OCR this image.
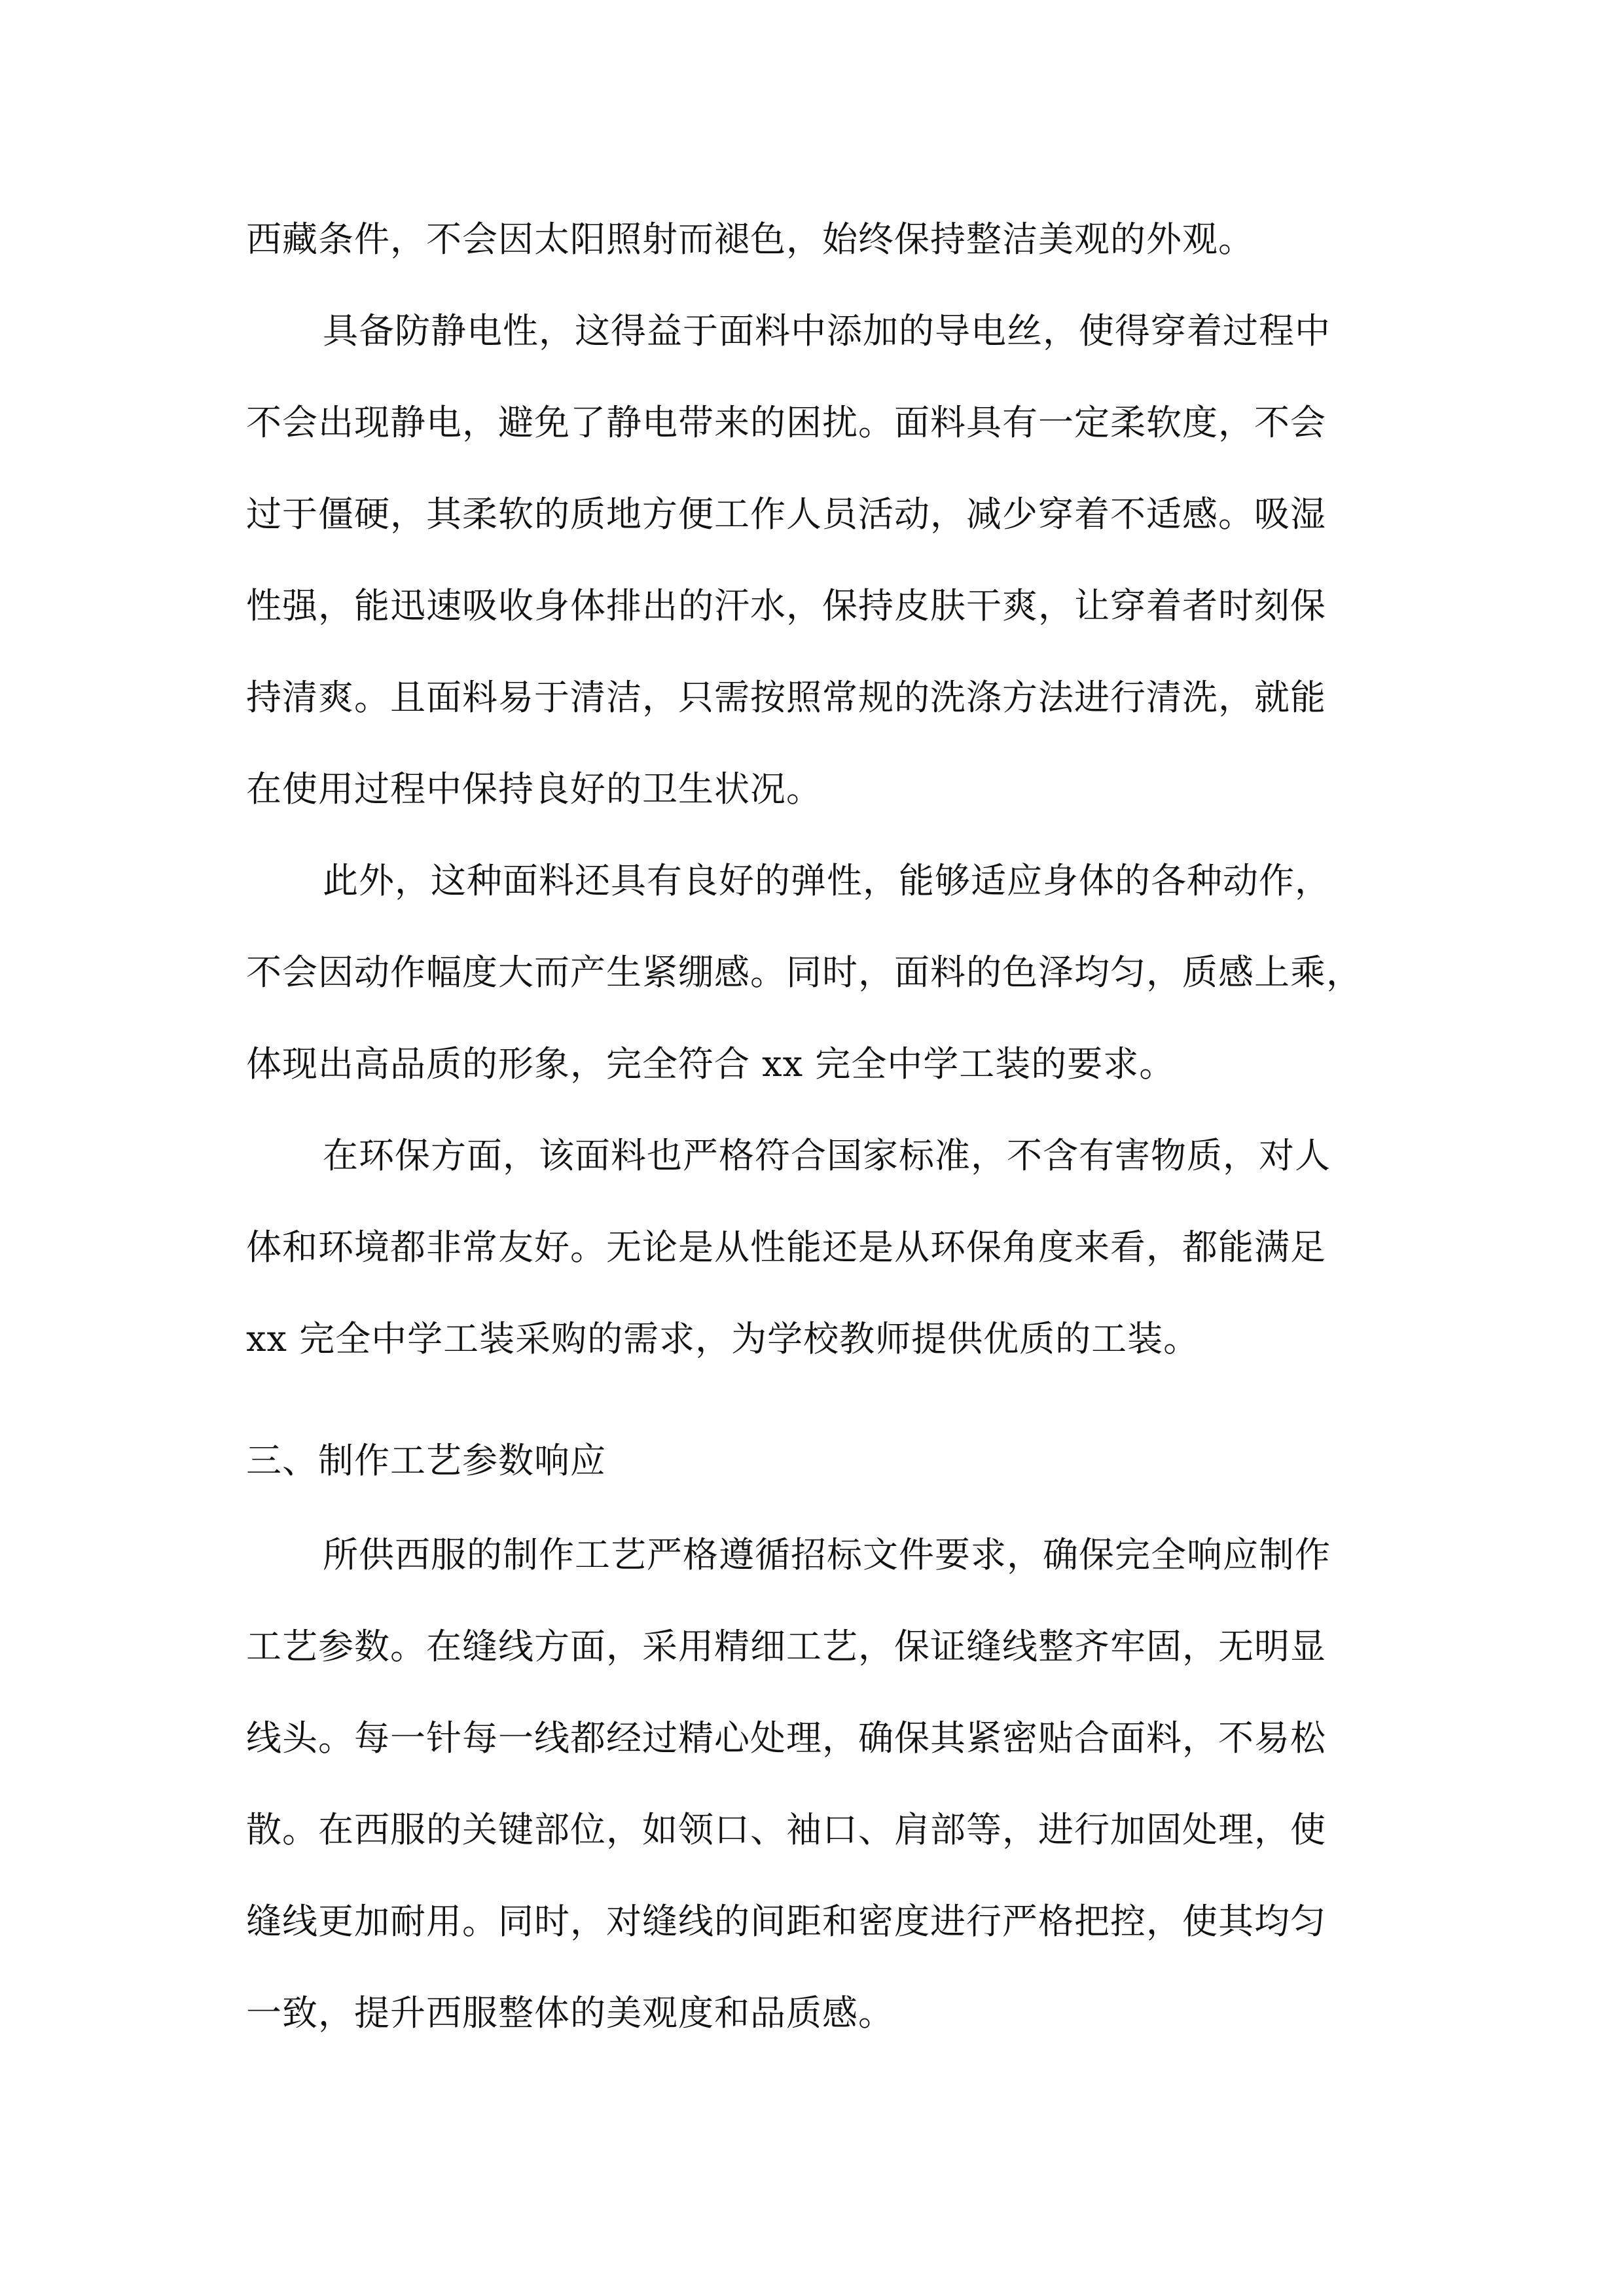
西藏条件，不会因太阳照射而褪色，始终保持整洁美观的外观。

具备防静电性，这得益于面料中添加的导电丝，使得穿着过程中

不会出现静电，避免了静电带来的困扰。面料具有一定柔软度，不会

过于僵硬，其柔软的质地方便工作人员活动，减少穿着不适感。吸湿

性强，能迅速吸收身体排出的汗水，保持皮肤干爽，让穿着者时刻保

持清爽。且面料易于清洁，只需按照常规的洗涤方法进行清洗，就能

在使用过程中保持良好的卫生状况。

此外，这种面料还具有良好的弹性，能够适应身体的各种动作，

不会因动作幅度大而产生紧绷感。同时，面料的色泽均匀，质感上乘，

体现出高品质的形象，完全符合 xx 完全中学工装的要求。

在环保方面，该面料也严格符合国家标准，不含有害物质，对人

体和环境都非常友好。无论是从性能还是从环保角度来看，都能满足

xx 完全中学工装采购的需求，为学校教师提供优质的工装。

三、制作工艺参数响应

所供西服的制作工艺严格遵循招标文件要求，确保完全响应制作

工艺参数。在缝线方面，采用精细工艺，保证缝线整齐牢固，无明显

线头。每一针每一线都经过精心处理，确保其紧密贴合面料，不易松

散。在西服的关键部位，如领口、袖口、肩部等，进行加固处理，使

缝线更加耐用。同时，对缝线的间距和密度进行严格把控，使其均匀

一致，提升西服整体的美观度和品质感。
